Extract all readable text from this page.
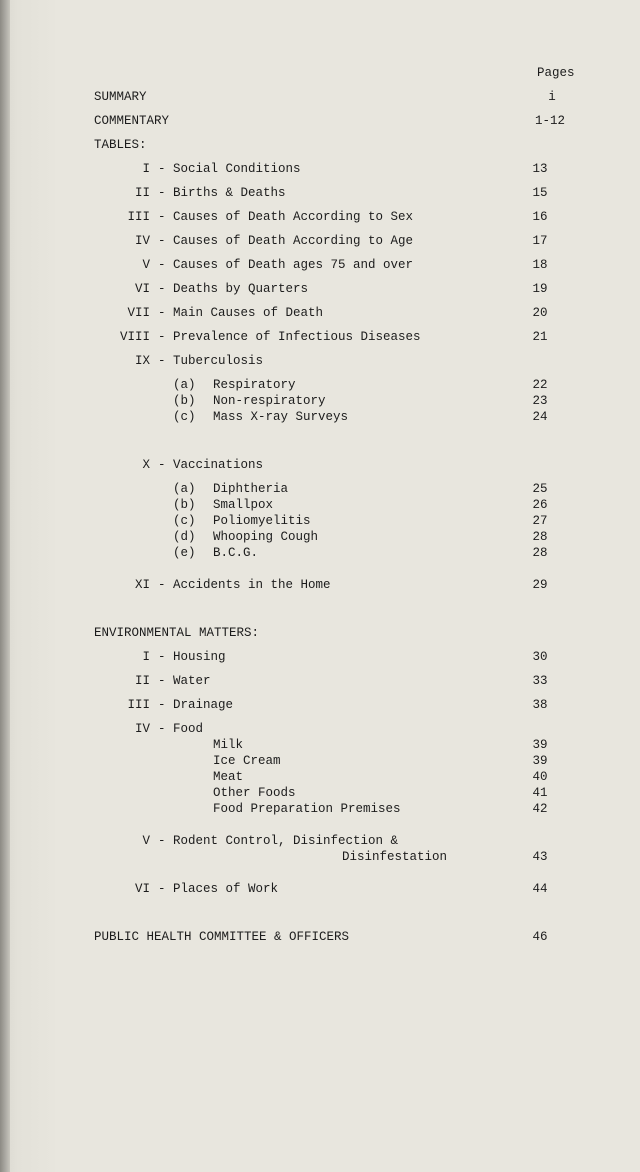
Pages
SUMMARY	i
COMMENTARY	1-12
TABLES:
I - Social Conditions	13
II - Births & Deaths	15
III - Causes of Death According to Sex	16
IV - Causes of Death According to Age	17
V - Causes of Death ages 75 and over	18
VI - Deaths by Quarters	19
VII - Main Causes of Death	20
VIII - Prevalence of Infectious Diseases	21
IX - Tuberculosis
(a) Respiratory	22
(b) Non-respiratory	23
(c) Mass X-ray Surveys	24
X - Vaccinations
(a) Diphtheria	25
(b) Smallpox	26
(c) Poliomyelitis	27
(d) Whooping Cough	28
(e) B.C.G.	28
XI - Accidents in the Home	29
ENVIRONMENTAL MATTERS:
I - Housing	30
II - Water	33
III - Drainage	38
IV - Food
Milk	39
Ice Cream	39
Meat	40
Other Foods	41
Food Preparation Premises	42
V - Rodent Control, Disinfection &
Disinfestation	43
VI - Places of Work	44
PUBLIC HEALTH COMMITTEE & OFFICERS	46
